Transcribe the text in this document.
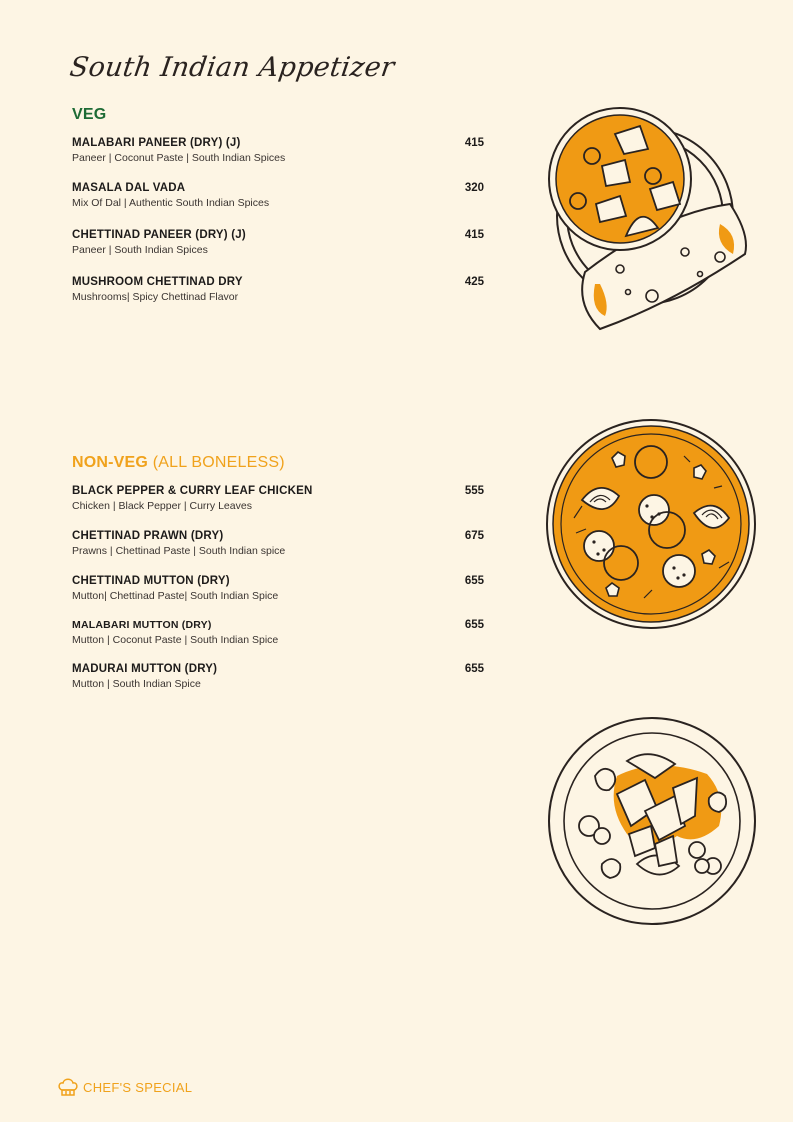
South Indian Appetizer
VEG
MALABARI PANEER (DRY) (J)	415
Paneer | Coconut Paste | South Indian Spices
MASALA DAL VADA	320
Mix Of Dal | Authentic South Indian Spices
CHETTINAD PANEER (DRY) (J)	415
Paneer | South Indian Spices
MUSHROOM CHETTINAD DRY	425
Mushrooms| Spicy Chettinad Flavor
NON-VEG (ALL BONELESS)
BLACK PEPPER & CURRY LEAF CHICKEN	555
Chicken | Black Pepper | Curry Leaves
CHETTINAD PRAWN (DRY)	675
Prawns | Chettinad Paste | South Indian spice
CHETTINAD MUTTON (DRY)	655
Mutton| Chettinad Paste| South Indian Spice
MALABARI MUTTON (DRY)	655
Mutton | Coconut Paste | South Indian Spice
MADURAI MUTTON (DRY)	655
Mutton | South Indian Spice
CHEF'S SPECIAL
